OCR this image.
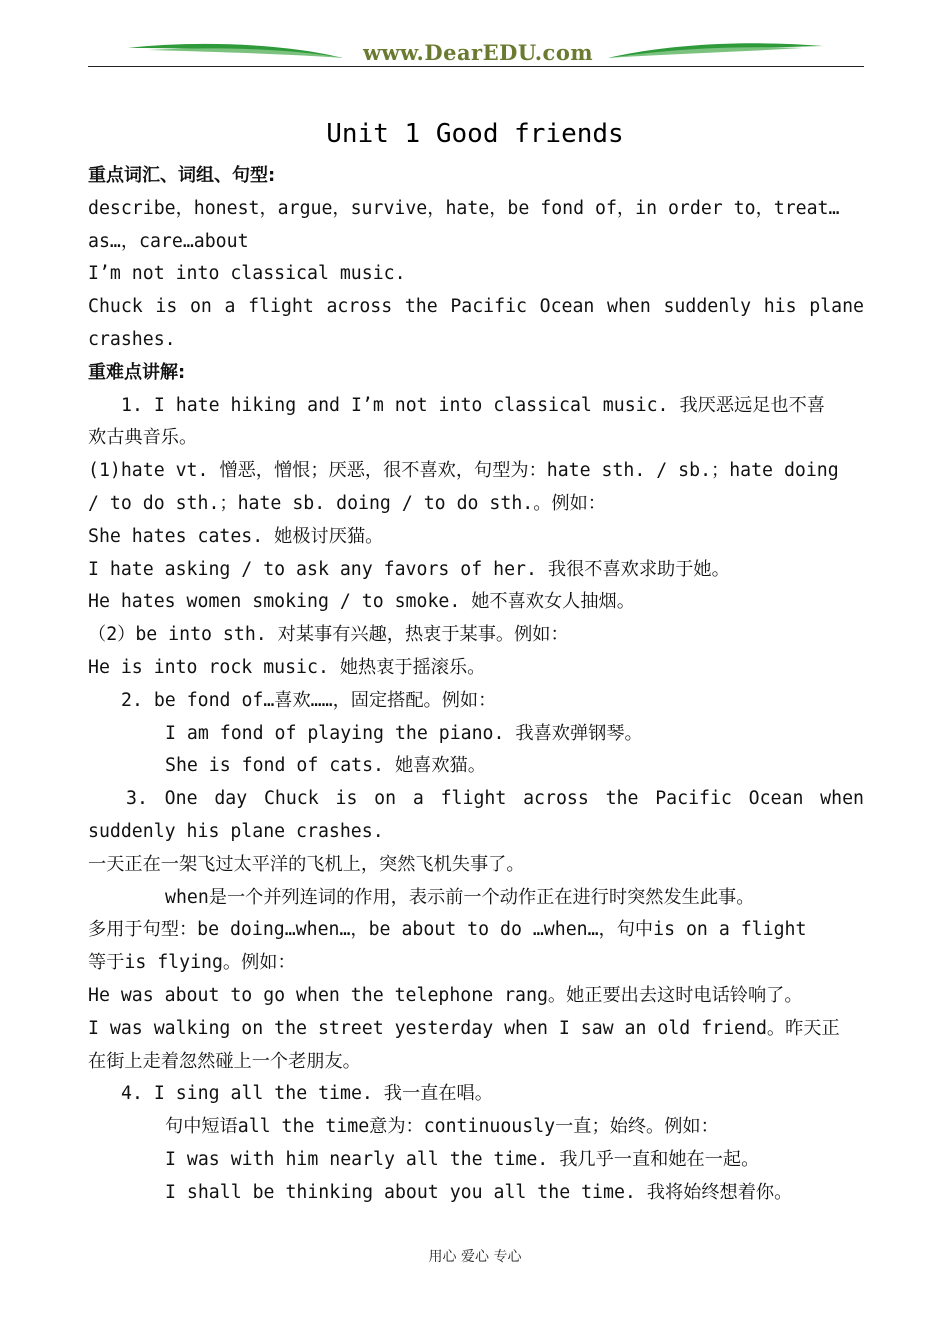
www.DearEDU.com
Unit 1 Good friends
重点词汇、词组、句型:
describe，honest，argue，survive，hate，be fond of，in order to，treat…
as…，care…about
I’m not into classical music.
Chuck is on a flight across the Pacific Ocean when suddenly his plane
crashes.
重难点讲解:
1. I hate hiking and I’m not into classical music. 我厌恶远足也不喜
欢古典音乐。
(1)hate vt. 憎恶，憎恨；厌恶，很不喜欢，句型为：hate sth. / sb.；hate doing
/ to do sth.；hate sb. doing / to do sth.。例如：
She hates cates. 她极讨厌猫。
I hate asking / to ask any favors of her. 我很不喜欢求助于她。
He hates women smoking / to smoke. 她不喜欢女人抽烟。
（2）be into sth. 对某事有兴趣，热衷于某事。例如：
He is into rock music. 她热衷于摇滚乐。
2. be fond of…喜欢……，固定搭配。例如：
I am fond of playing the piano. 我喜欢弹钢琴。
She is fond of cats. 她喜欢猫。
3. One day Chuck is on a flight across the Pacific Ocean when
suddenly his plane crashes.
一天正在一架飞过太平洋的飞机上，突然飞机失事了。
when是一个并列连词的作用，表示前一个动作正在进行时突然发生此事。
多用于句型：be doing…when…，be about to do …when…，句中is on a flight
等于is flying。例如：
He was about to go when the telephone rang。她正要出去这时电话铃响了。
I was walking on the street yesterday when I saw an old friend。昨天正
在街上走着忽然碰上一个老朋友。
4. I sing all the time. 我一直在唱。
句中短语all the time意为：continuously一直；始终。例如：
I was with him nearly all the time. 我几乎一直和她在一起。
I shall be thinking about you all the time. 我将始终想着你。
用心 爱心 专心
